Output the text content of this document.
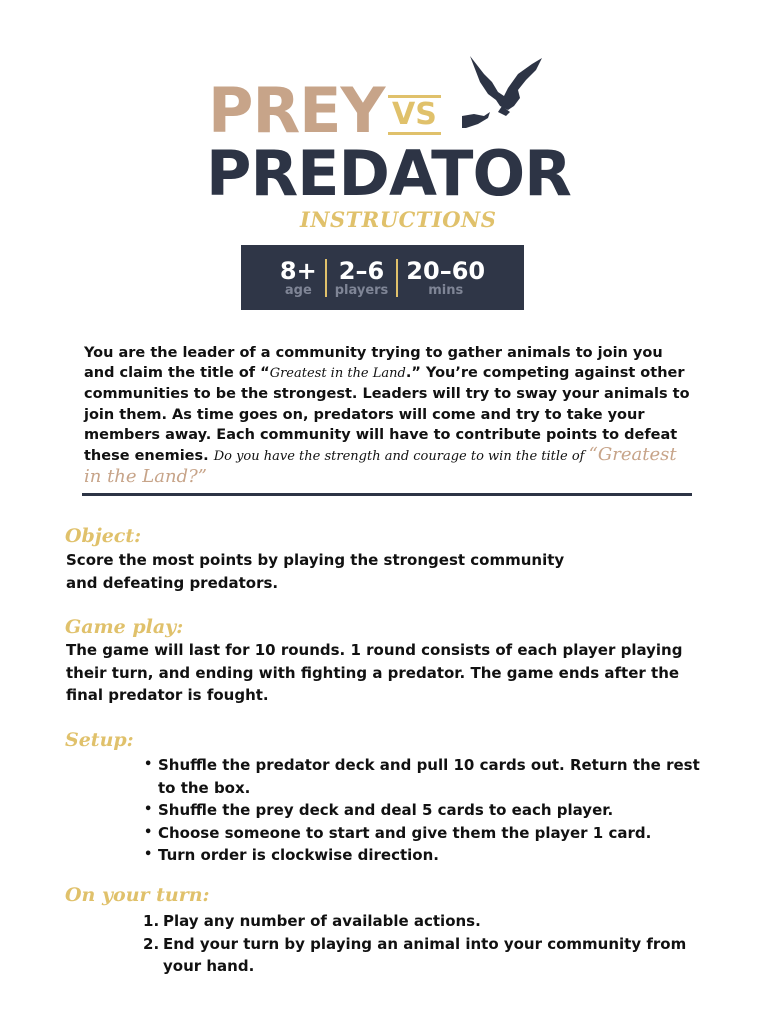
PREY VS
PREDATOR
INSTRUCTIONS
8+
age
2–6
players
20–60
mins
You are the leader of a community trying to gather animals to join you and claim the title of “Greatest in the Land.” You’re competing against other communities to be the strongest. Leaders will try to sway your animals to join them. As time goes on, predators will come and try to take your members away. Each community will have to contribute points to defeat these enemies. Do you have the strength and courage to win the title of “Greatest in the Land?”
Object:
Score the most points by playing the strongest community and defeating predators.
Game play:
The game will last for 10 rounds. 1 round consists of each player playing their turn, and ending with fighting a predator. The game ends after the final predator is fought.
Setup:
• Shuffle the predator deck and pull 10 cards out. Return the rest to the box.
• Shuffle the prey deck and deal 5 cards to each player.
• Choose someone to start and give them the player 1 card.
• Turn order is clockwise direction.
On your turn:
Play any number of available actions.
End your turn by playing an animal into your community from your hand.
